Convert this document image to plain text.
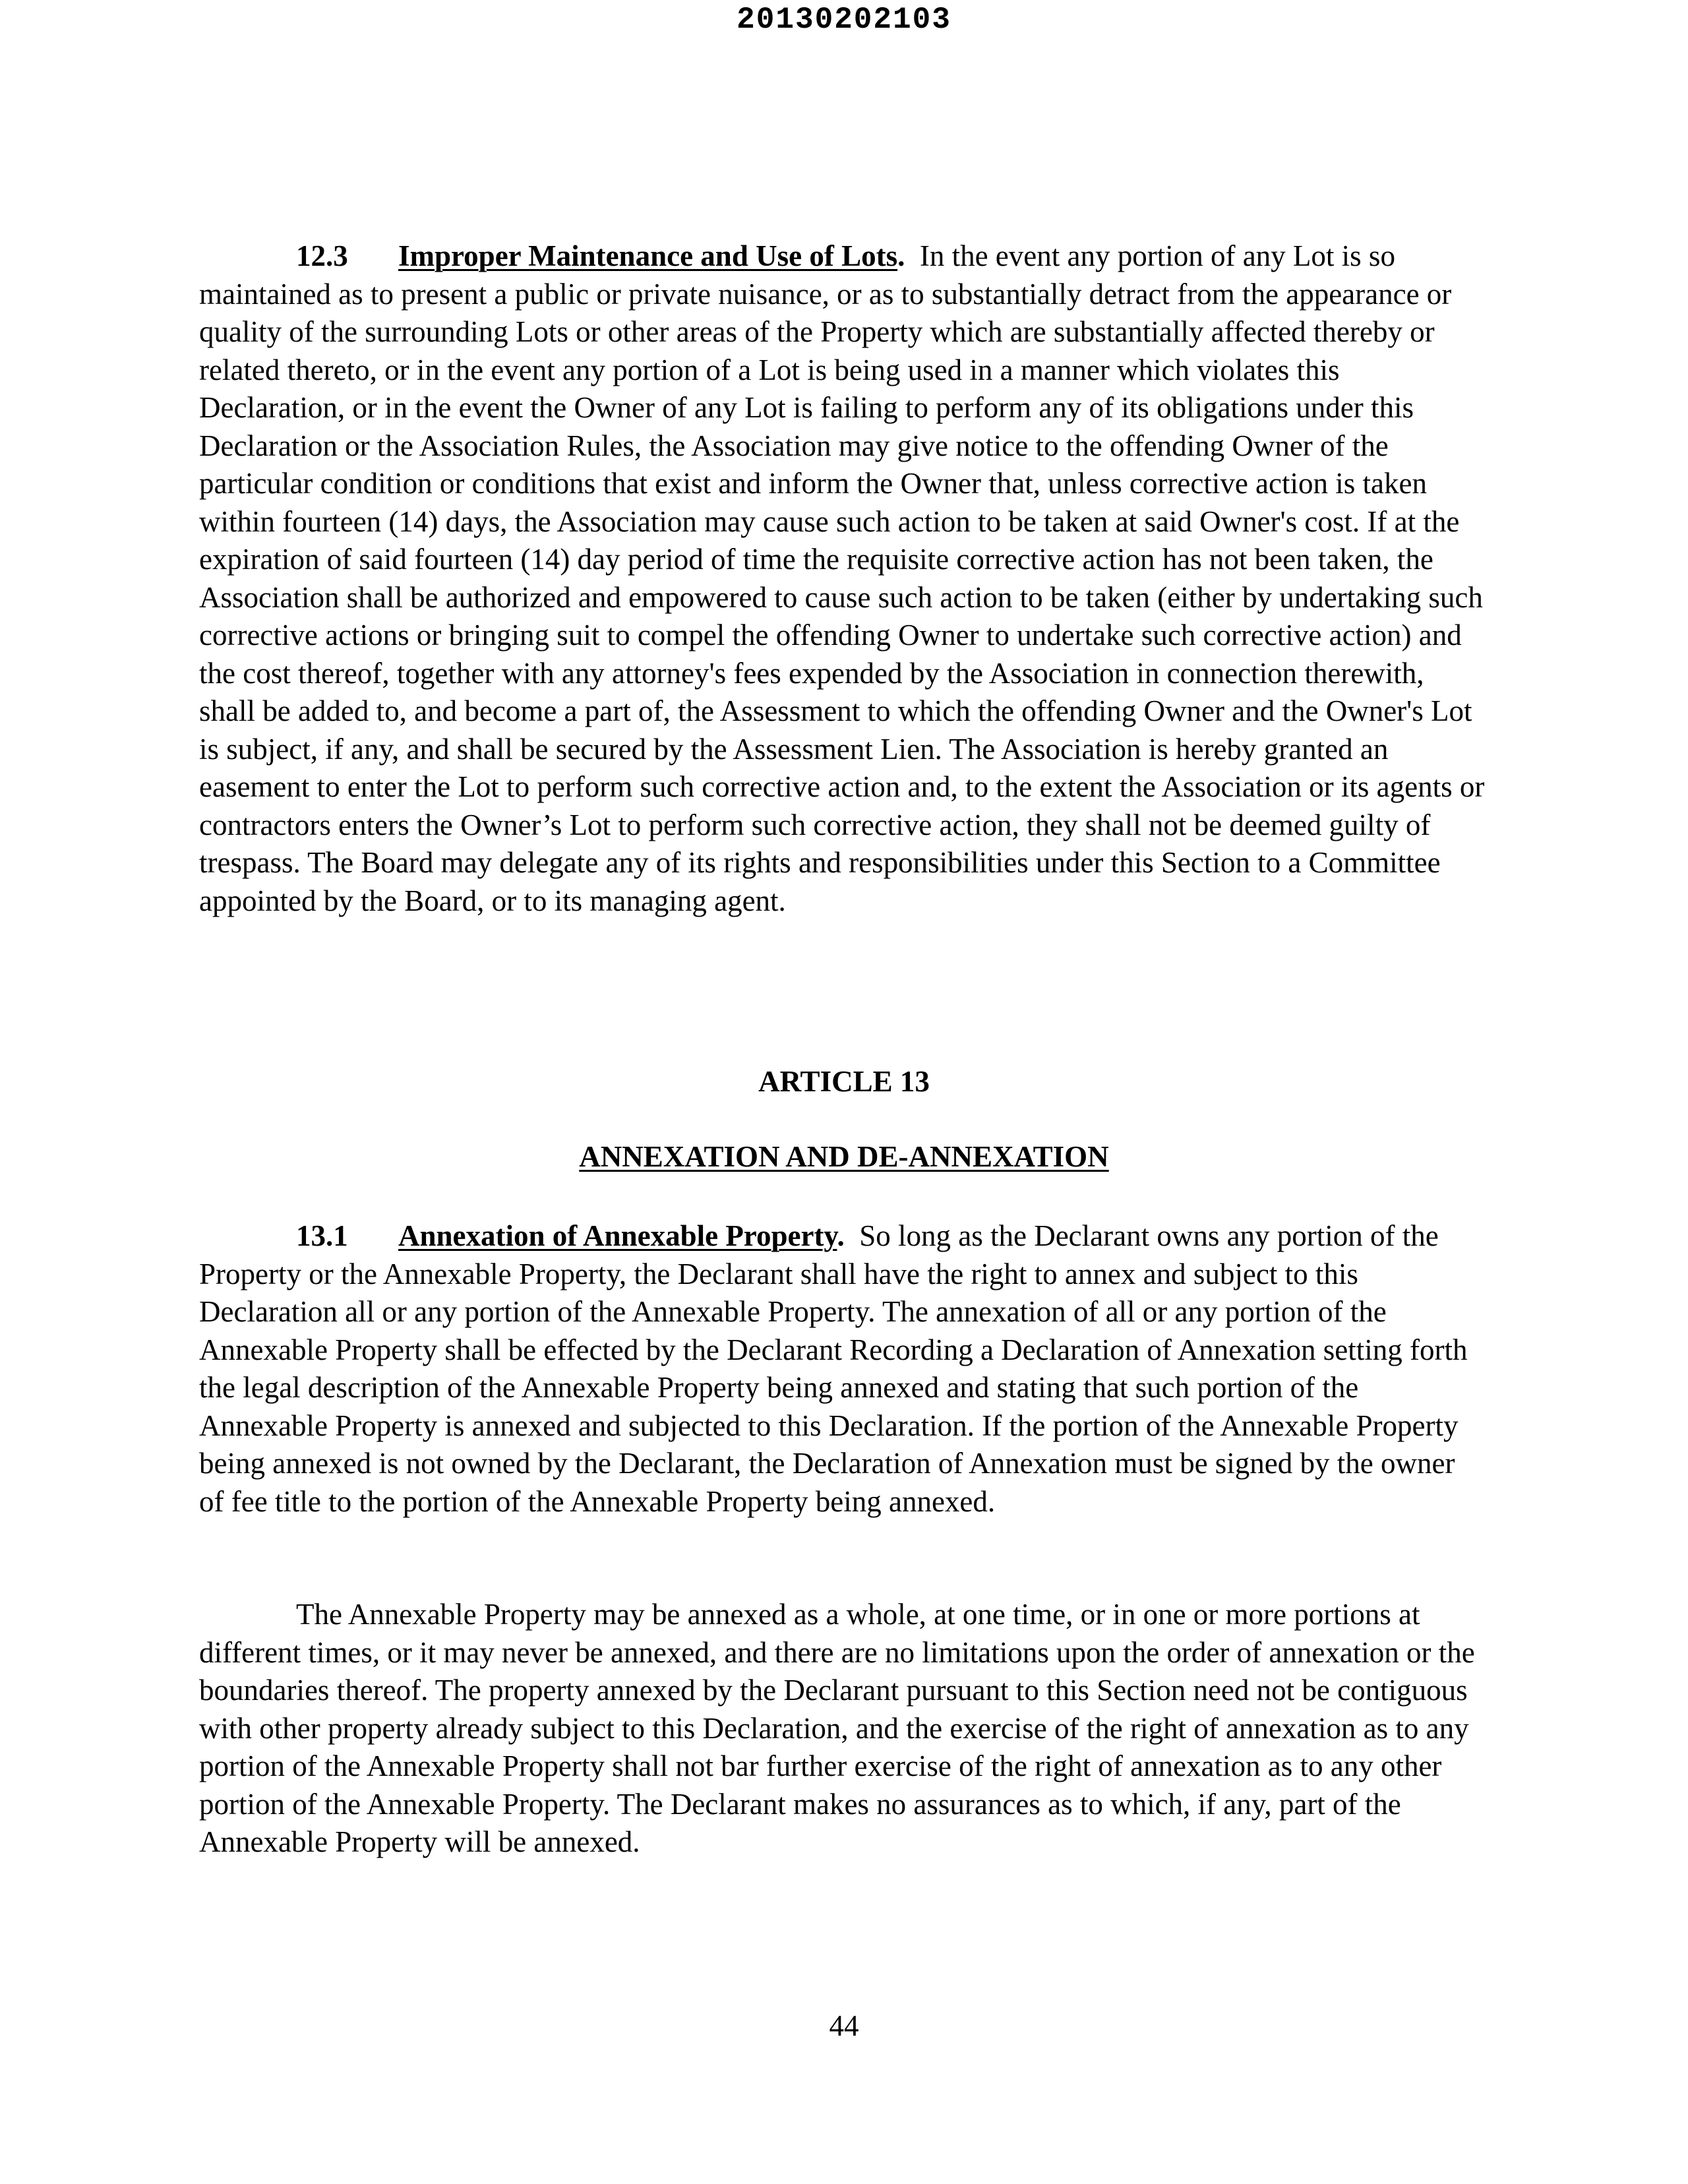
20130202103

12.3 Improper Maintenance and Use of Lots. In the event any portion of any Lot is so maintained as to present a public or private nuisance, or as to substantially detract from the appearance or quality of the surrounding Lots or other areas of the Property which are substantially affected thereby or related thereto, or in the event any portion of a Lot is being used in a manner which violates this Declaration, or in the event the Owner of any Lot is failing to perform any of its obligations under this Declaration or the Association Rules, the Association may give notice to the offending Owner of the particular condition or conditions that exist and inform the Owner that, unless corrective action is taken within fourteen (14) days, the Association may cause such action to be taken at said Owner's cost. If at the expiration of said fourteen (14) day period of time the requisite corrective action has not been taken, the Association shall be authorized and empowered to cause such action to be taken (either by undertaking such corrective actions or bringing suit to compel the offending Owner to undertake such corrective action) and the cost thereof, together with any attorney's fees expended by the Association in connection therewith, shall be added to, and become a part of, the Assessment to which the offending Owner and the Owner's Lot is subject, if any, and shall be secured by the Assessment Lien. The Association is hereby granted an easement to enter the Lot to perform such corrective action and, to the extent the Association or its agents or contractors enters the Owner’s Lot to perform such corrective action, they shall not be deemed guilty of trespass. The Board may delegate any of its rights and responsibilities under this Section to a Committee appointed by the Board, or to its managing agent.

ARTICLE 13

ANNEXATION AND DE-ANNEXATION

13.1 Annexation of Annexable Property. So long as the Declarant owns any portion of the Property or the Annexable Property, the Declarant shall have the right to annex and subject to this Declaration all or any portion of the Annexable Property. The annexation of all or any portion of the Annexable Property shall be effected by the Declarant Recording a Declaration of Annexation setting forth the legal description of the Annexable Property being annexed and stating that such portion of the Annexable Property is annexed and subjected to this Declaration. If the portion of the Annexable Property being annexed is not owned by the Declarant, the Declaration of Annexation must be signed by the owner of fee title to the portion of the Annexable Property being annexed.

The Annexable Property may be annexed as a whole, at one time, or in one or more portions at different times, or it may never be annexed, and there are no limitations upon the order of annexation or the boundaries thereof. The property annexed by the Declarant pursuant to this Section need not be contiguous with other property already subject to this Declaration, and the exercise of the right of annexation as to any portion of the Annexable Property shall not bar further exercise of the right of annexation as to any other portion of the Annexable Property. The Declarant makes no assurances as to which, if any, part of the Annexable Property will be annexed.

44
